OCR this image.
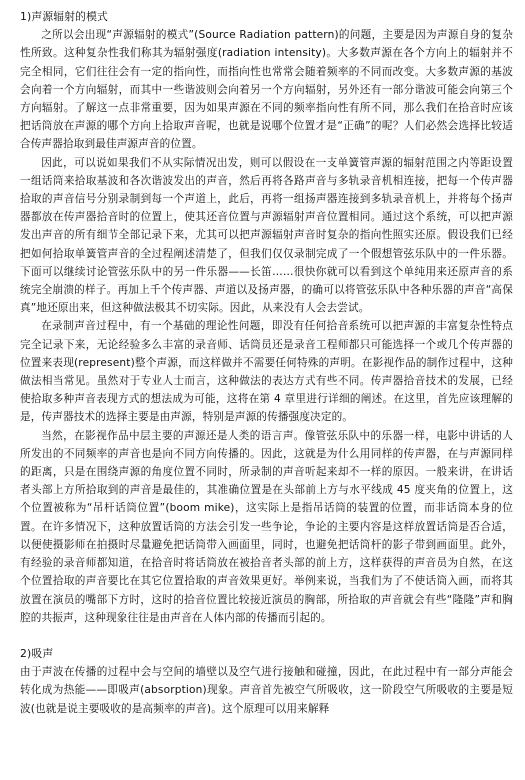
1)声源辐射的模式

之所以会出现“声源辐射的模式”(Source Radiation pattern)的问题，主要是因为声源自身的复杂性所致。这种复杂性我们称其为辐射强度(radiation intensity)。大多数声源在各个方向上的辐射并不完全相同，它们往往会有一定的指向性，而指向性也常常会随着频率的不同而改变。大多数声源的基波会向着一个方向辐射，而其中一些谐波则会向着另一个方向辐射，另外还有一部分谐波可能会向第三个方向辐射。了解这一点非常重要，因为如果声源在不同的频率指向性有所不同，那么我们在拾音时应该把话筒放在声源的哪个方向上拾取声音呢，也就是说哪个位置才是“正确”的呢？人们必然会选择比较适合传声器拾取到最佳声源声音的位置。

因此，可以说如果我们不从实际情况出发，则可以假设在一支单簧管声源的辐射范围之内等距设置一组话筒来拾取基波和各次谐波发出的声音，然后再将各路声音与多轨录音机相连接，把每一个传声器拾取的声音信号分别录制到每一个声道上，此后，再将一组扬声器连接到多轨录音机上，并将每个扬声器都放在传声器拾音时的位置上，使其还音位置与声源辐射声音位置相同。通过这个系统，可以把声源发出声音的所有细节全部记录下来，尤其可以把声源辐射声音时复杂的指向性照实还原。假设我们已经把如何拾取单簧管声音的全过程阐述清楚了，但我们仅仅录制完成了一个假想管弦乐队中的一件乐器。下面可以继续讨论管弦乐队中的另一件乐器——长笛……很快你就可以看到这个单纯用来还原声音的系统完全崩溃的样子。再加上千个传声器、声道以及扬声器，的确可以将管弦乐队中各种乐器的声音“高保真”地还原出来，但这种做法极其不切实际。因此，从来没有人会去尝试。

在录制声音过程中，有一个基础的理论性问题，即没有任何拾音系统可以把声源的丰富复杂性特点完全记录下来，无论经验多么丰富的录音师、话筒员还是录音工程师都只可能选择一个或几个传声器的位置来表现(represent)整个声源，而这样做并不需要任何特殊的声明。在影视作品的制作过程中，这种做法相当常见。虽然对于专业人士而言，这种做法的表达方式有些不同。传声器拾音技术的发展，已经使拾取多种声音表现方式的想法成为可能，这将在第 4 章里进行详细的阐述。在这里，首先应该理解的是，传声器技术的选择主要是由声源，特别是声源的传播强度决定的。

当然，在影视作品中层主要的声源还是人类的语言声。像管弦乐队中的乐器一样，电影中讲话的人所发出的不同频率的声音也是向不同方向传播的。因此，这就是为什么用同样的传声器，在与声源同样的距离，只是在围绕声源的角度位置不同时，所录制的声音听起来却不一样的原因。一般来讲，在讲话者头部上方所拾取到的声音是最佳的，其准确位置是在头部前上方与水平线成 45 度夹角的位置上，这个位置被称为“吊杆话筒位置”(boom mike)，这实际上是指吊话筒的装置的位置，而非话筒本身的位置。在许多情况下，这种放置话筒的方法会引发一些争论，争论的主要内容是这样放置话筒是否合适，以便使摄影师在拍摄时尽量避免把话筒带入画面里，同时，也避免把话筒杆的影子带到画面里。此外，有经验的录音师都知道，在拾音时将话筒放在被拾音者头部的前上方，这样获得的声音员为自然，在这个位置拾取的声音要比在其它位置拾取的声音效果更好。举例来说，当我们为了不使话筒入画，而将其放置在演员的嘴部下方时，这时的拾音位置比较接近演员的胸部，所拾取的声音就会有些“隆隆”声和胸腔的共振声，这种现象往往是由声音在人体内部的传播而引起的。

2)吸声

由于声波在传播的过程中会与空间的墙壁以及空气进行接触和碰撞，因此，在此过程中有一部分声能会转化成为热能——即吸声(absorption)现象。声音首先被空气所吸收，这一阶段空气所吸收的主要是短波(也就是说主要吸收的是高频率的声音)。这个原理可以用来解释
